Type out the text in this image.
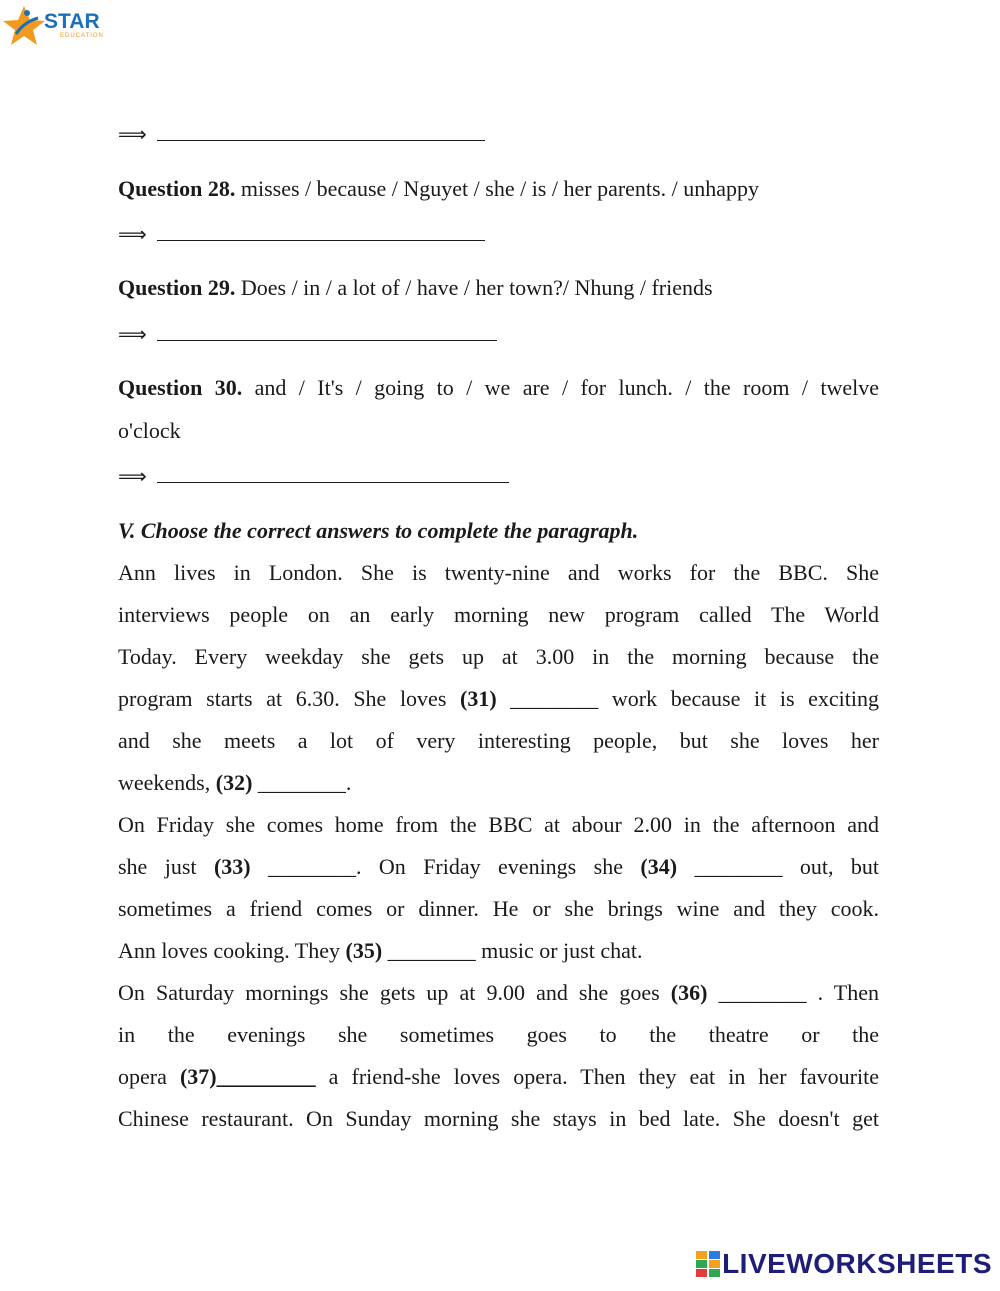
STAR
EDUCATION
⟹
Question 28. misses / because / Nguyet / she / is / her parents. / unhappy
⟹
Question 29. Does / in / a lot of / have / her town?/ Nhung / friends
⟹
Question 30. and / It's / going to / we are / for lunch. / the room / twelve
o'clock
⟹
V. Choose the correct answers to complete the paragraph.
Ann lives in London. She is twenty-nine and works for the BBC. She
interviews people on an early morning new program called The World
Today. Every weekday she gets up at 3.00 in the morning because the
program starts at 6.30. She loves (31) ________ work because it is exciting
and she meets a lot of very interesting people, but she loves her
weekends, (32) ________.
On Friday she comes home from the BBC at abour 2.00 in the afternoon and
she just (33) ________. On Friday evenings she (34) ________ out, but
sometimes a friend comes or dinner. He or she brings wine and they cook.
Ann loves cooking. They (35) ________ music or just chat.
On Saturday mornings she gets up at 9.00 and she goes (36) ________ . Then
in the evenings she sometimes goes to the theatre or the
opera (37)_________ a friend-she loves opera. Then they eat in her favourite
Chinese restaurant. On Sunday morning she stays in bed late. She doesn't get
LIVEWORKSHEETS
